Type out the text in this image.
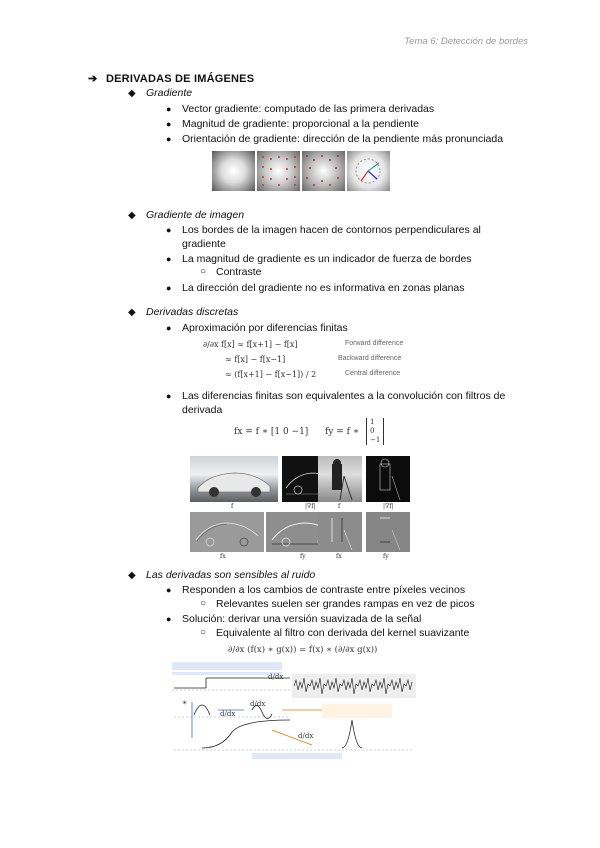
Tema 6: Detección de bordes
➔ DERIVADAS DE IMÁGENES
◆ Gradiente
● Vector gradiente: computado de las primera derivadas
● Magnitud de gradiente: proporcional a la pendiente
● Orientación de gradiente: dirección de la pendiente más pronunciada
◆ Gradiente de imagen
● Los bordes de la imagen hacen de contornos perpendiculares al gradiente
● La magnitud de gradiente es un indicador de fuerza de bordes
○ Contraste
● La dirección del gradiente no es informativa en zonas planas
◆ Derivadas discretas
● Aproximación por diferencias finitas
∂/∂x f[x] ≈ f[x+1] − f[x]
≈ f[x] − f[x−1]
≈ (f[x+1] − f[x−1]) / 2
Forward difference
Backward difference
Central difference
● Las diferencias finitas son equivalentes a la convolución con filtros de derivada
fx = f ∗ [1 0 −1] fy = f ∗
1
0
−1
f	|∇f|	f	|∇f|
fx	fy	fx	fy
◆ Las derivadas son sensibles al ruido
● Responden a los cambios de contraste entre píxeles vecinos
○ Relevantes suelen ser grandes rampas en vez de picos
● Solución: derivar una versión suavizada de la señal
○ Equivalente al filtro con derivada del kernel suavizante
∂/∂x (f(x) ∗ g(x)) = f(x) ∗ (∂/∂x g(x))
∗
d/dx
d/dx
d/dx
d/dx
